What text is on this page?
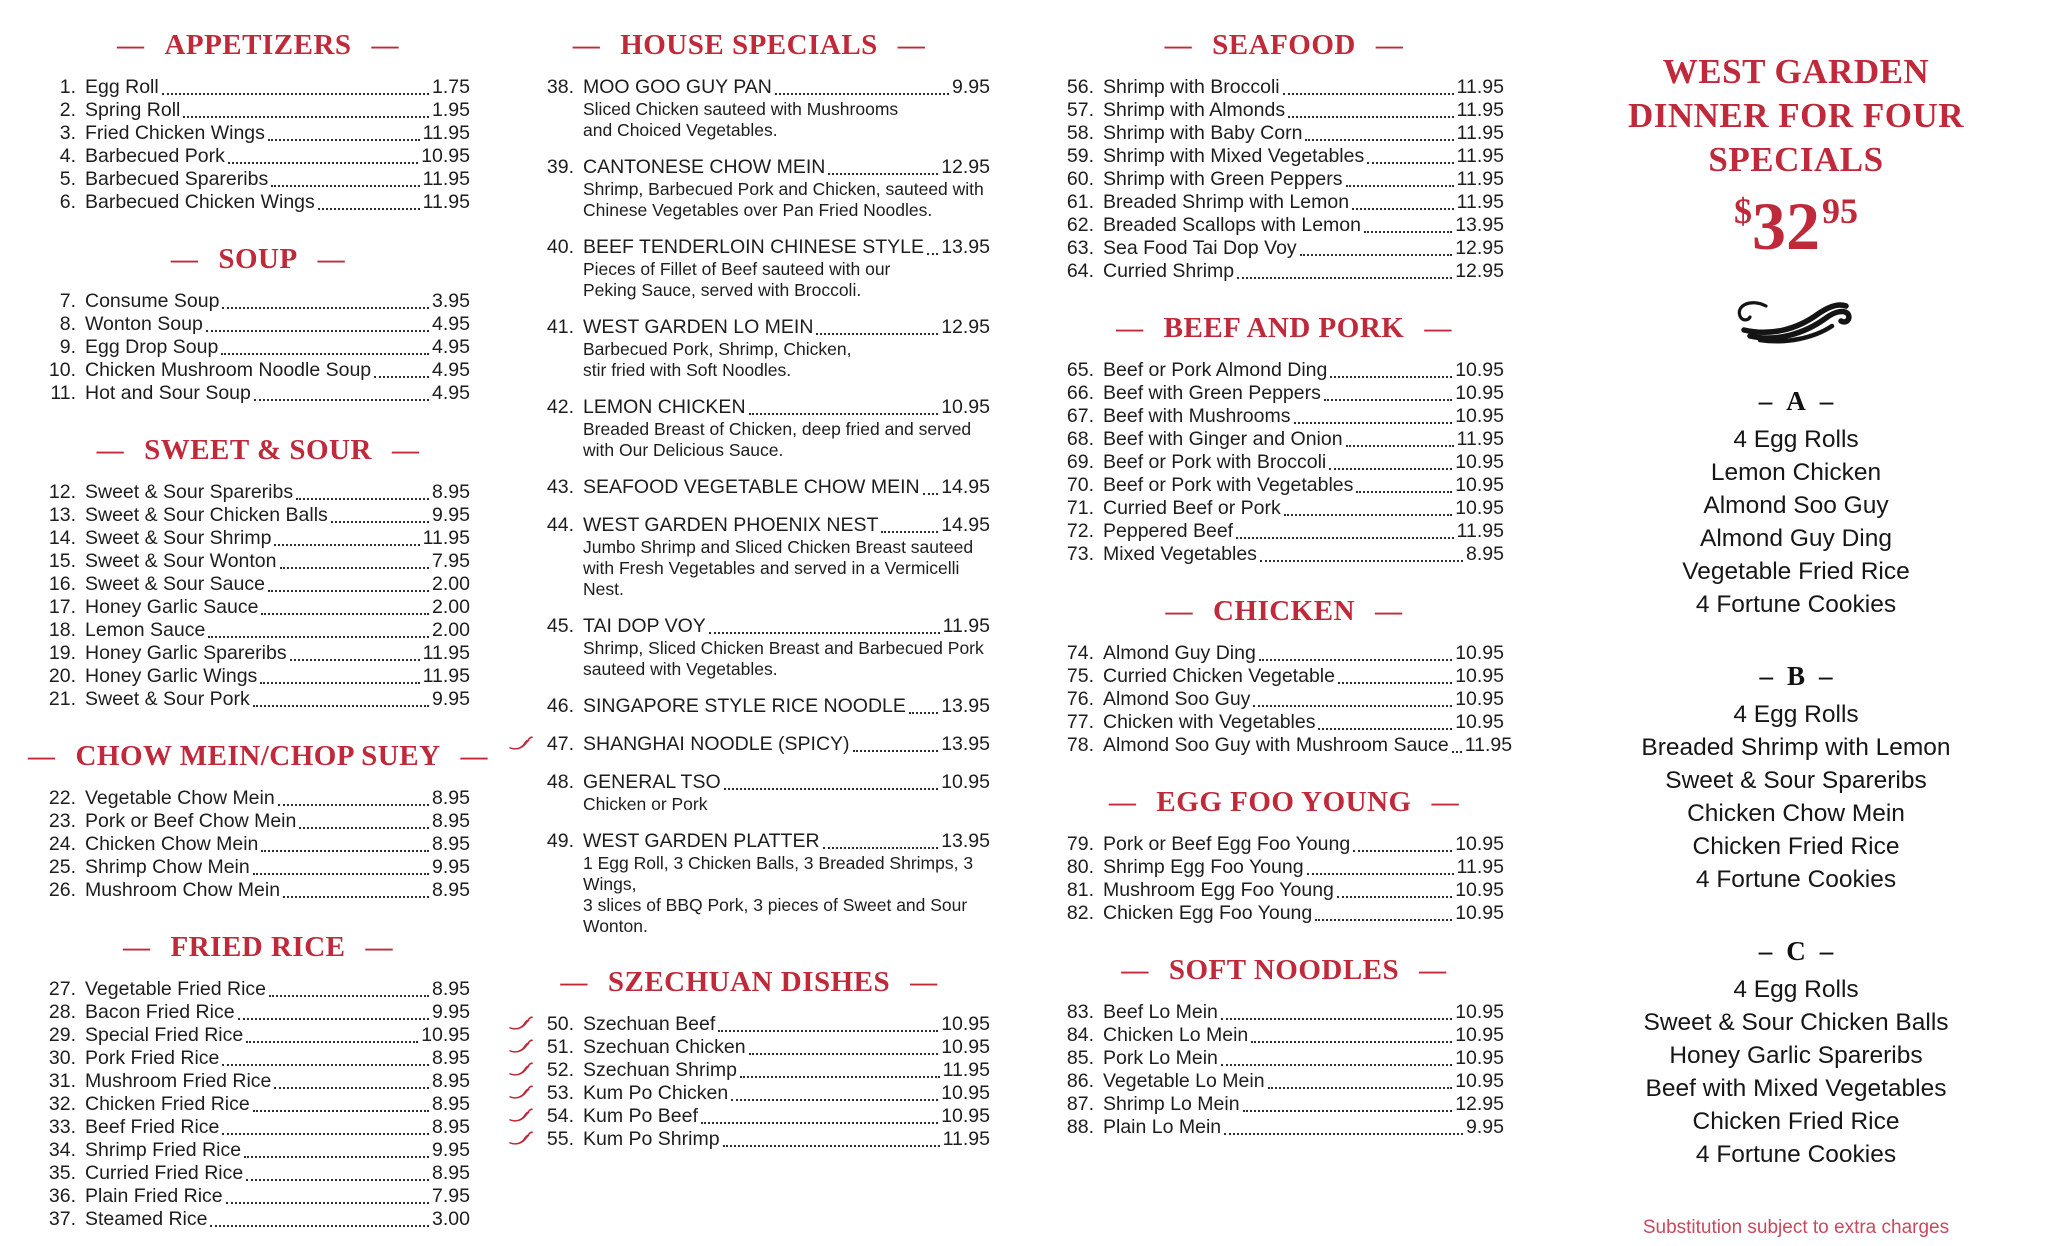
— APPETIZERS —
1. Egg Roll	1.75
2. Spring Roll	1.95
3. Fried Chicken Wings	11.95
4. Barbecued Pork	10.95
5. Barbecued Spareribs	11.95
6. Barbecued Chicken Wings	11.95
— SOUP —
7. Consume Soup	3.95
8. Wonton Soup	4.95
9. Egg Drop Soup	4.95
10. Chicken Mushroom Noodle Soup	4.95
11. Hot and Sour Soup	4.95
— SWEET & SOUR —
12. Sweet & Sour Spareribs	8.95
13. Sweet & Sour Chicken Balls	9.95
14. Sweet & Sour Shrimp	11.95
15. Sweet & Sour Wonton	7.95
16. Sweet & Sour Sauce	2.00
17. Honey Garlic Sauce	2.00
18. Lemon Sauce	2.00
19. Honey Garlic Spareribs	11.95
20. Honey Garlic Wings	11.95
21. Sweet & Sour Pork	9.95
— CHOW MEIN/CHOP SUEY —
22. Vegetable Chow Mein	8.95
23. Pork or Beef Chow Mein	8.95
24. Chicken Chow Mein	8.95
25. Shrimp Chow Mein	9.95
26. Mushroom Chow Mein	8.95
— FRIED RICE —
27. Vegetable Fried Rice	8.95
28. Bacon Fried Rice	9.95
29. Special Fried Rice	10.95
30. Pork Fried Rice	8.95
31. Mushroom Fried Rice	8.95
32. Chicken Fried Rice	8.95
33. Beef Fried Rice	8.95
34. Shrimp Fried Rice	9.95
35. Curried Fried Rice	8.95
36. Plain Fried Rice	7.95
37. Steamed Rice	3.00
— HOUSE SPECIALS —
38. MOO GOO GUY PAN	9.95
Sliced Chicken sauteed with Mushrooms
and Choiced Vegetables.
39. CANTONESE CHOW MEIN	12.95
Shrimp, Barbecued Pork and Chicken, sauteed with
Chinese Vegetables over Pan Fried Noodles.
40. BEEF TENDERLOIN CHINESE STYLE 13.95
Pieces of Fillet of Beef sauteed with our
Peking Sauce, served with Broccoli.
41. WEST GARDEN LO MEIN	12.95
Barbecued Pork, Shrimp, Chicken,
stir fried with Soft Noodles.
42. LEMON CHICKEN	10.95
Breaded Breast of Chicken, deep fried and served
with Our Delicious Sauce.
43. SEAFOOD VEGETABLE CHOW MEIN 14.95
44. WEST GARDEN PHOENIX NEST	14.95
Jumbo Shrimp and Sliced Chicken Breast sauteed
with Fresh Vegetables and served in a Vermicelli Nest.
45. TAI DOP VOY	11.95
Shrimp, Sliced Chicken Breast and Barbecued Pork
sauteed with Vegetables.
46. SINGAPORE STYLE RICE NOODLE 13.95
47. SHANGHAI NOODLE (SPICY)	13.95
48. GENERAL TSO	10.95
Chicken or Pork
49. WEST GARDEN PLATTER	13.95
1 Egg Roll, 3 Chicken Balls, 3 Breaded Shrimps, 3 Wings,
3 slices of BBQ Pork, 3 pieces of Sweet and Sour Wonton.
— SZECHUAN DISHES —
50. Szechuan Beef	10.95
51. Szechuan Chicken	10.95
52. Szechuan Shrimp	11.95
53. Kum Po Chicken	10.95
54. Kum Po Beef	10.95
55. Kum Po Shrimp	11.95
— SEAFOOD —
56. Shrimp with Broccoli	11.95
57. Shrimp with Almonds	11.95
58. Shrimp with Baby Corn	11.95
59. Shrimp with Mixed Vegetables	11.95
60. Shrimp with Green Peppers	11.95
61. Breaded Shrimp with Lemon	11.95
62. Breaded Scallops with Lemon	13.95
63. Sea Food Tai Dop Voy	12.95
64. Curried Shrimp	12.95
— BEEF AND PORK —
65. Beef or Pork Almond Ding	10.95
66. Beef with Green Peppers	10.95
67. Beef with Mushrooms	10.95
68. Beef with Ginger and Onion	11.95
69. Beef or Pork with Broccoli	10.95
70. Beef or Pork with Vegetables	10.95
71. Curried Beef or Pork	10.95
72. Peppered Beef	11.95
73. Mixed Vegetables	8.95
— CHICKEN —
74. Almond Guy Ding	10.95
75. Curried Chicken Vegetable	10.95
76. Almond Soo Guy	10.95
77. Chicken with Vegetables	10.95
78. Almond Soo Guy with Mushroom Sauce 11.95
— EGG FOO YOUNG —
79. Pork or Beef Egg Foo Young	10.95
80. Shrimp Egg Foo Young	11.95
81. Mushroom Egg Foo Young	10.95
82. Chicken Egg Foo Young	10.95
— SOFT NOODLES —
83. Beef Lo Mein	10.95
84. Chicken Lo Mein	10.95
85. Pork Lo Mein	10.95
86. Vegetable Lo Mein	10.95
87. Shrimp Lo Mein	12.95
88. Plain Lo Mein	9.95
WEST GARDEN
DINNER FOR FOUR
SPECIALS
$3295
– A –
4 Egg Rolls
Lemon Chicken
Almond Soo Guy
Almond Guy Ding
Vegetable Fried Rice
4 Fortune Cookies
– B –
4 Egg Rolls
Breaded Shrimp with Lemon
Sweet & Sour Spareribs
Chicken Chow Mein
Chicken Fried Rice
4 Fortune Cookies
– C –
4 Egg Rolls
Sweet & Sour Chicken Balls
Honey Garlic Spareribs
Beef with Mixed Vegetables
Chicken Fried Rice
4 Fortune Cookies
Substitution subject to extra charges
